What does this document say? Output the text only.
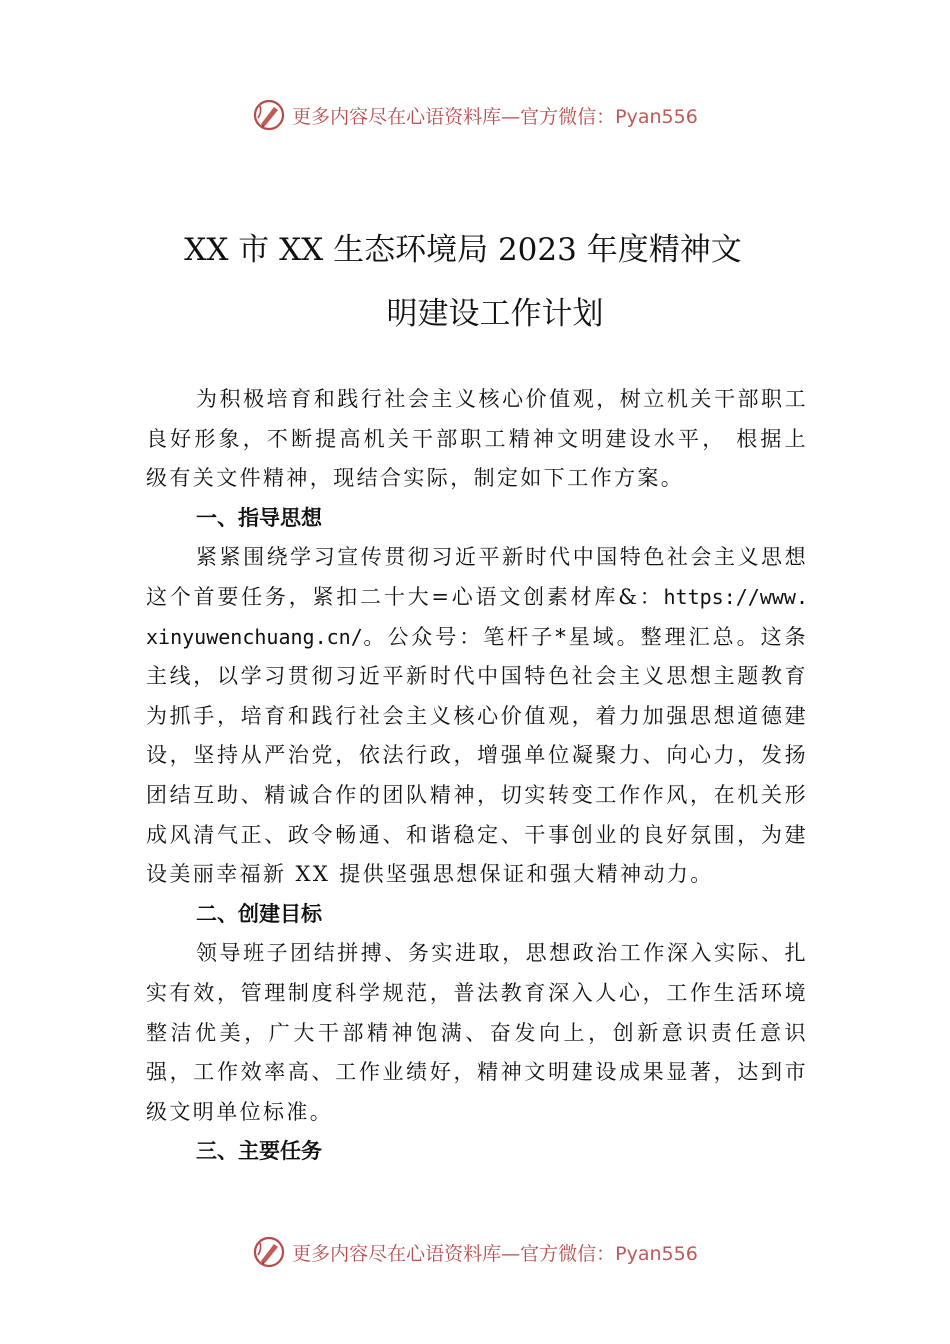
更多内容尽在心语资料库—官方微信：Pyan556
XX 市 XX 生态环境局 2023 年度精神文
明建设工作计划

为积极培育和践行社会主义核心价值观，树立机关干部职工良好形象，不断提高机关干部职工精神文明建设水平， 根据上级有关文件精神，现结合实际，制定如下工作方案。

一、指导思想

紧紧围绕学习宣传贯彻习近平新时代中国特色社会主义思想这个首要任务，紧扣二十大=心语文创素材库&：https://www.xinyuwenchuang.cn/。公众号：笔杆子*星域。整理汇总。这条主线，以学习贯彻习近平新时代中国特色社会主义思想主题教育为抓手，培育和践行社会主义核心价值观，着力加强思想道德建设，坚持从严治党，依法行政，增强单位凝聚力、向心力，发扬团结互助、精诚合作的团队精神，切实转变工作作风，在机关形成风清气正、政令畅通、和谐稳定、干事创业的良好氛围，为建设美丽幸福新 XX 提供坚强思想保证和强大精神动力。

二、创建目标

领导班子团结拼搏、务实进取，思想政治工作深入实际、扎实有效，管理制度科学规范，普法教育深入人心，工作生活环境整洁优美，广大干部精神饱满、奋发向上，创新意识责任意识强，工作效率高、工作业绩好，精神文明建设成果显著，达到市级文明单位标准。

三、主要任务

更多内容尽在心语资料库—官方微信：Pyan556
